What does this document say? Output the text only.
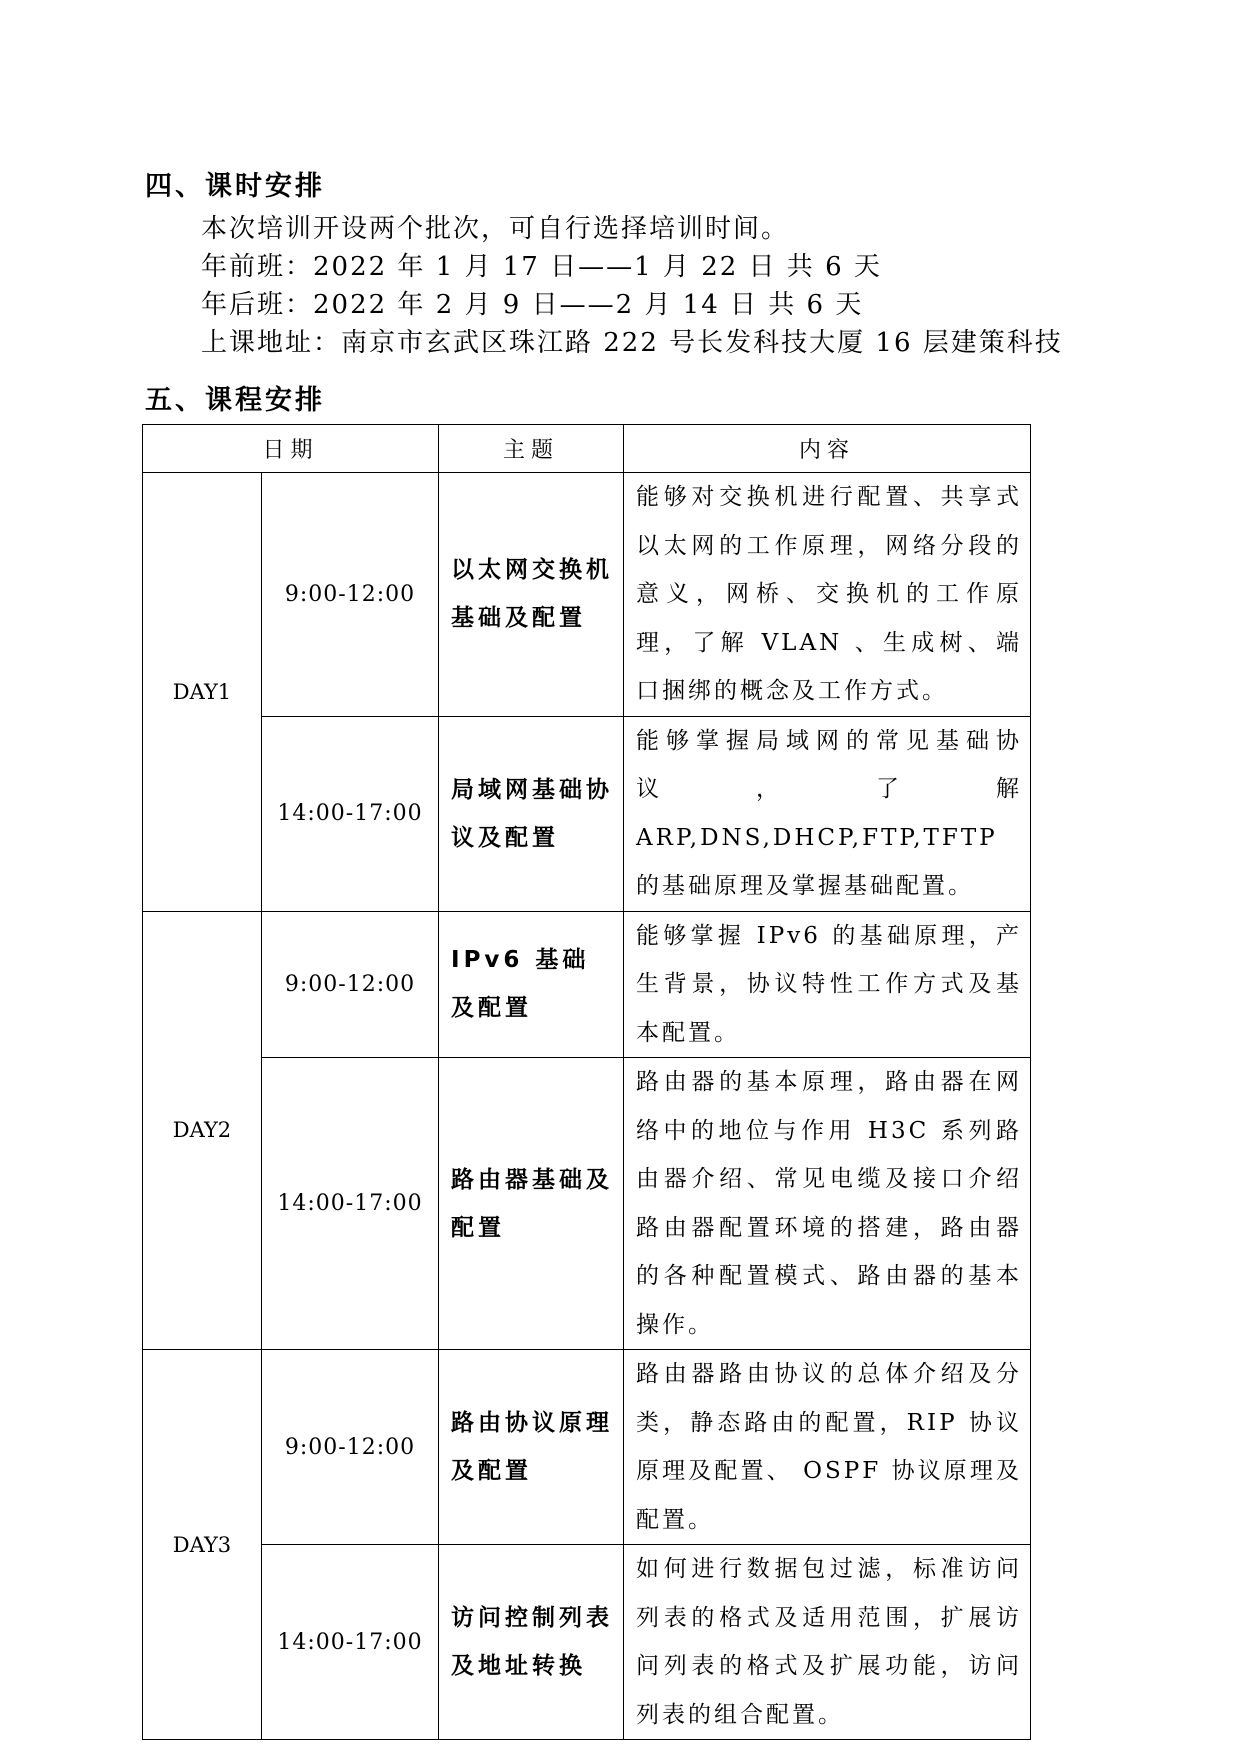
四、课时安排
本次培训开设两个批次，可自行选择培训时间。
年前班：2022 年 1 月 17 日——1 月 22 日 共 6 天
年后班：2022 年 2 月 9 日——2 月 14 日 共 6 天
上课地址：南京市玄武区珠江路 222 号长发科技大厦 16 层建策科技
五、课程安排
日期		主题	内容
DAY1	9:00-12:00	以太网交换机基础及配置	能够对交换机进行配置、共享式以太网的工作原理，网络分段的意义，网桥、交换机的工作原理，了解 VLAN 、生成树、端口捆绑的概念及工作方式。
	14:00-17:00	局域网基础协议及配置	能够掌握局域网的常见基础协议，了解 ARP,DNS,DHCP,FTP,TFTP 的基础原理及掌握基础配置。
DAY2	9:00-12:00	IPv6 基础及配置	能够掌握 IPv6 的基础原理，产生背景，协议特性工作方式及基本配置。
	14:00-17:00	路由器基础及配置	路由器的基本原理，路由器在网络中的地位与作用 H3C 系列路由器介绍、常见电缆及接口介绍路由器配置环境的搭建，路由器的各种配置模式、路由器的基本操作。
DAY3	9:00-12:00	路由协议原理及配置	路由器路由协议的总体介绍及分类，静态路由的配置，RIP 协议原理及配置、 OSPF 协议原理及配置。
	14:00-17:00	访问控制列表及地址转换	如何进行数据包过滤，标准访问列表的格式及适用范围，扩展访问列表的格式及扩展功能，访问列表的组合配置。
